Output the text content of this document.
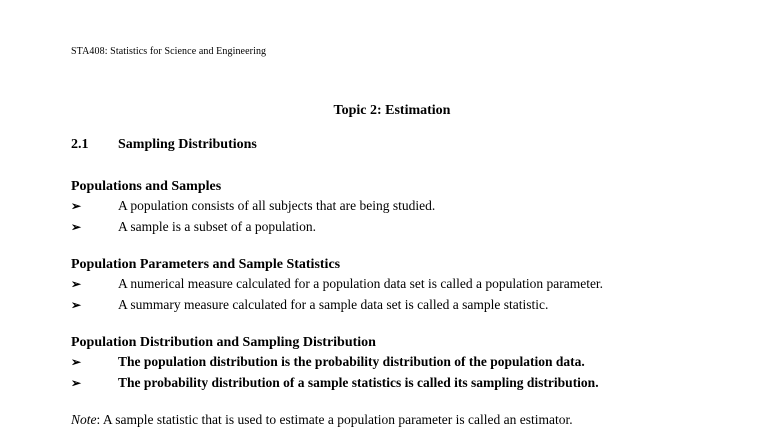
STA408: Statistics for Science and Engineering
Topic 2: Estimation
2.1 Sampling Distributions
Populations and Samples
➢	A population consists of all subjects that are being studied.
➢	A sample is a subset of a population.
Population Parameters and Sample Statistics
➢	A numerical measure calculated for a population data set is called a population parameter.
➢	A summary measure calculated for a sample data set is called a sample statistic.
Population Distribution and Sampling Distribution
➢	The population distribution is the probability distribution of the population data.
➢	The probability distribution of a sample statistics is called its sampling distribution.
Note: A sample statistic that is used to estimate a population parameter is called an estimator.
